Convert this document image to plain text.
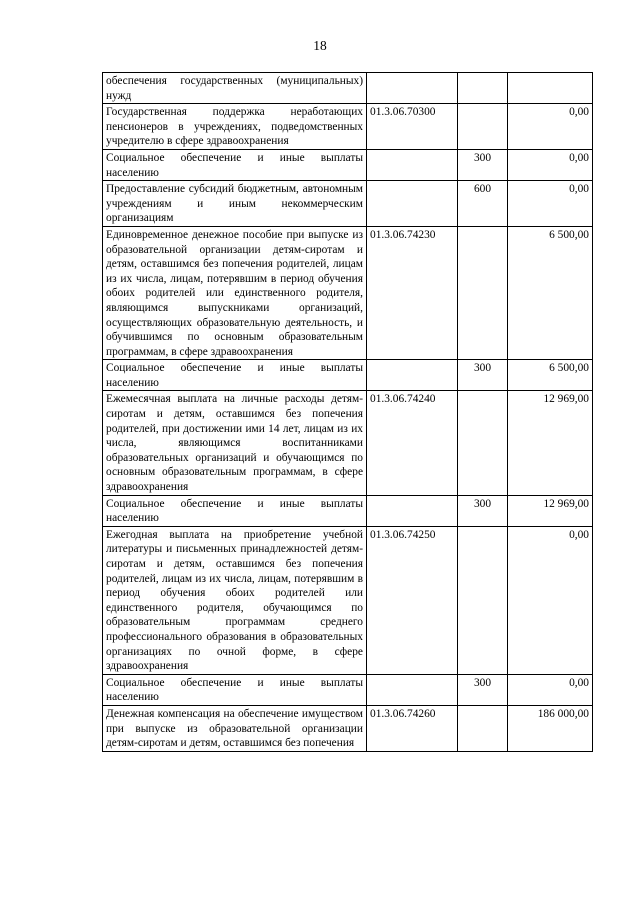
18
обеспечения государственных (муниципальных) нужд			
Государственная поддержка неработающих пенсионеров в учреждениях, подведомственных учредителю в сфере здравоохранения	01.3.06.70300		0,00
Социальное обеспечение и иные выплаты населению		300	0,00
Предоставление субсидий бюджетным, автономным учреждениям и иным некоммерческим организациям		600	0,00
Единовременное денежное пособие при выпуске из образовательной организации детям-сиротам и детям, оставшимся без попечения родителей, лицам из их числа, лицам, потерявшим в период обучения обоих родителей или единственного родителя, являющимся выпускниками организаций, осуществляющих образовательную деятельность, и обучившимся по основным образовательным программам, в сфере здравоохранения	01.3.06.74230		6 500,00
Социальное обеспечение и иные выплаты населению		300	6 500,00
Ежемесячная выплата на личные расходы детям-сиротам и детям, оставшимся без попечения родителей, при достижении ими 14 лет, лицам из их числа, являющимся воспитанниками образовательных организаций и обучающимся по основным образовательным программам, в сфере здравоохранения	01.3.06.74240		12 969,00
Социальное обеспечение и иные выплаты населению		300	12 969,00
Ежегодная выплата на приобретение учебной литературы и письменных принадлежностей детям-сиротам и детям, оставшимся без попечения родителей, лицам из их числа, лицам, потерявшим в период обучения обоих родителей или единственного родителя, обучающимся по образовательным программам среднего профессионального образования в образовательных организациях по очной форме, в сфере здравоохранения	01.3.06.74250		0,00
Социальное обеспечение и иные выплаты населению		300	0,00
Денежная компенсация на обеспечение имуществом при выпуске из образовательной организации детям-сиротам и детям, оставшимся без попечения	01.3.06.74260		186 000,00
